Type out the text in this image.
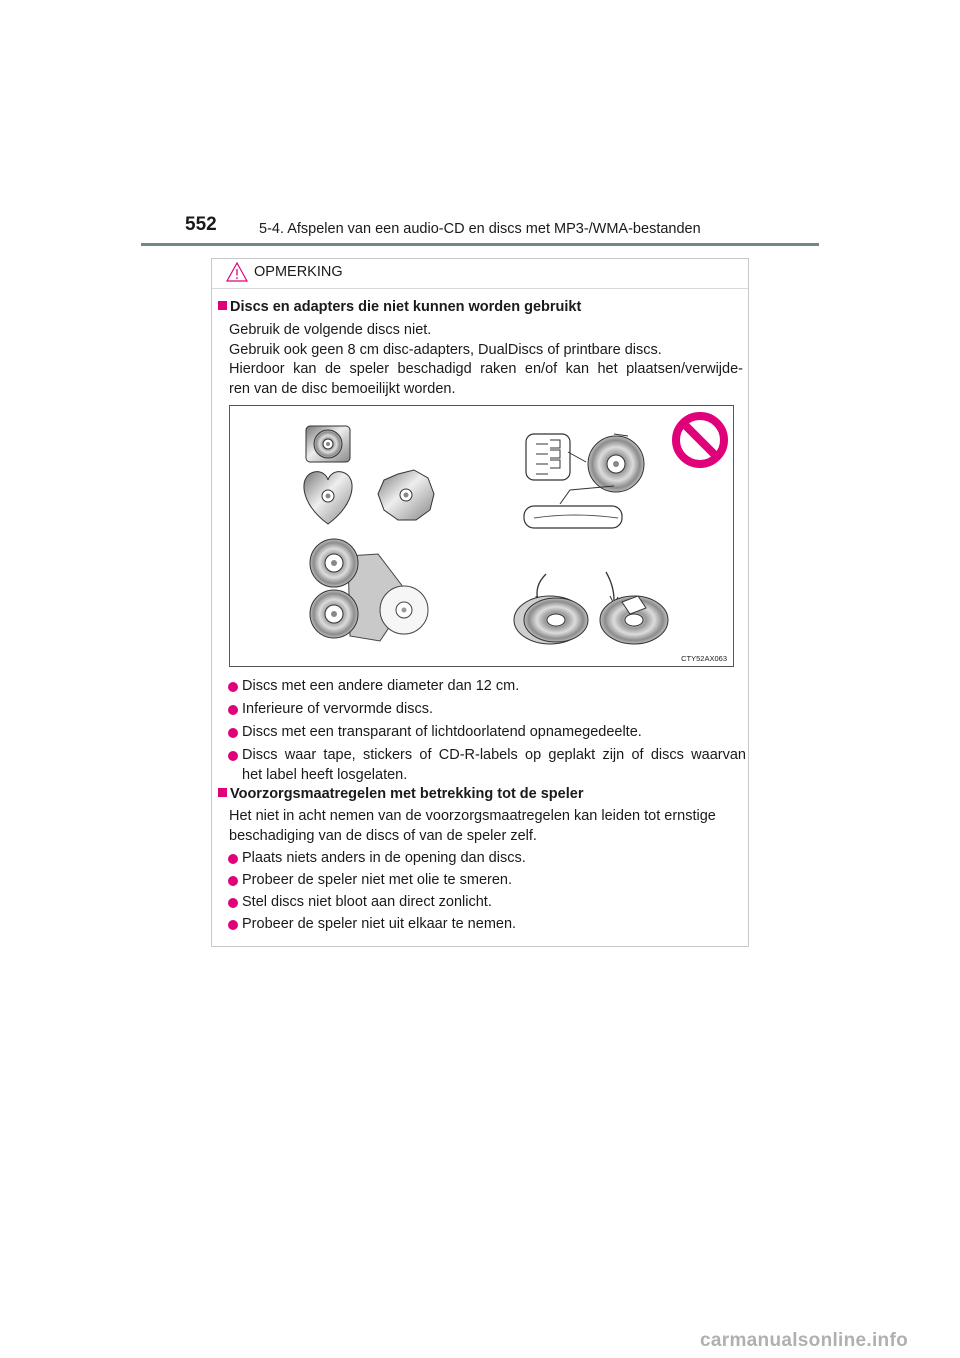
552	5-4. Afspelen van een audio-CD en discs met MP3-/WMA-bestanden
OPMERKING
Discs en adapters die niet kunnen worden gebruikt
Gebruik de volgende discs niet.
Gebruik ook geen 8 cm disc-adapters, DualDiscs of printbare discs.
Hierdoor kan de speler beschadigd raken en/of kan het plaatsen/verwijde-
ren van de disc bemoeilijkt worden.
CTY52AX063
Discs met een andere diameter dan 12 cm.
Inferieure of vervormde discs.
Discs met een transparant of lichtdoorlatend opnamegedeelte.
Discs waar tape, stickers of CD-R-labels op geplakt zijn of discs waarvan
het label heeft losgelaten.
Voorzorgsmaatregelen met betrekking tot de speler
Het niet in acht nemen van de voorzorgsmaatregelen kan leiden tot ernstige
beschadiging van de discs of van de speler zelf.
Plaats niets anders in de opening dan discs.
Probeer de speler niet met olie te smeren.
Stel discs niet bloot aan direct zonlicht.
Probeer de speler niet uit elkaar te nemen.
carmanualsonline.info
